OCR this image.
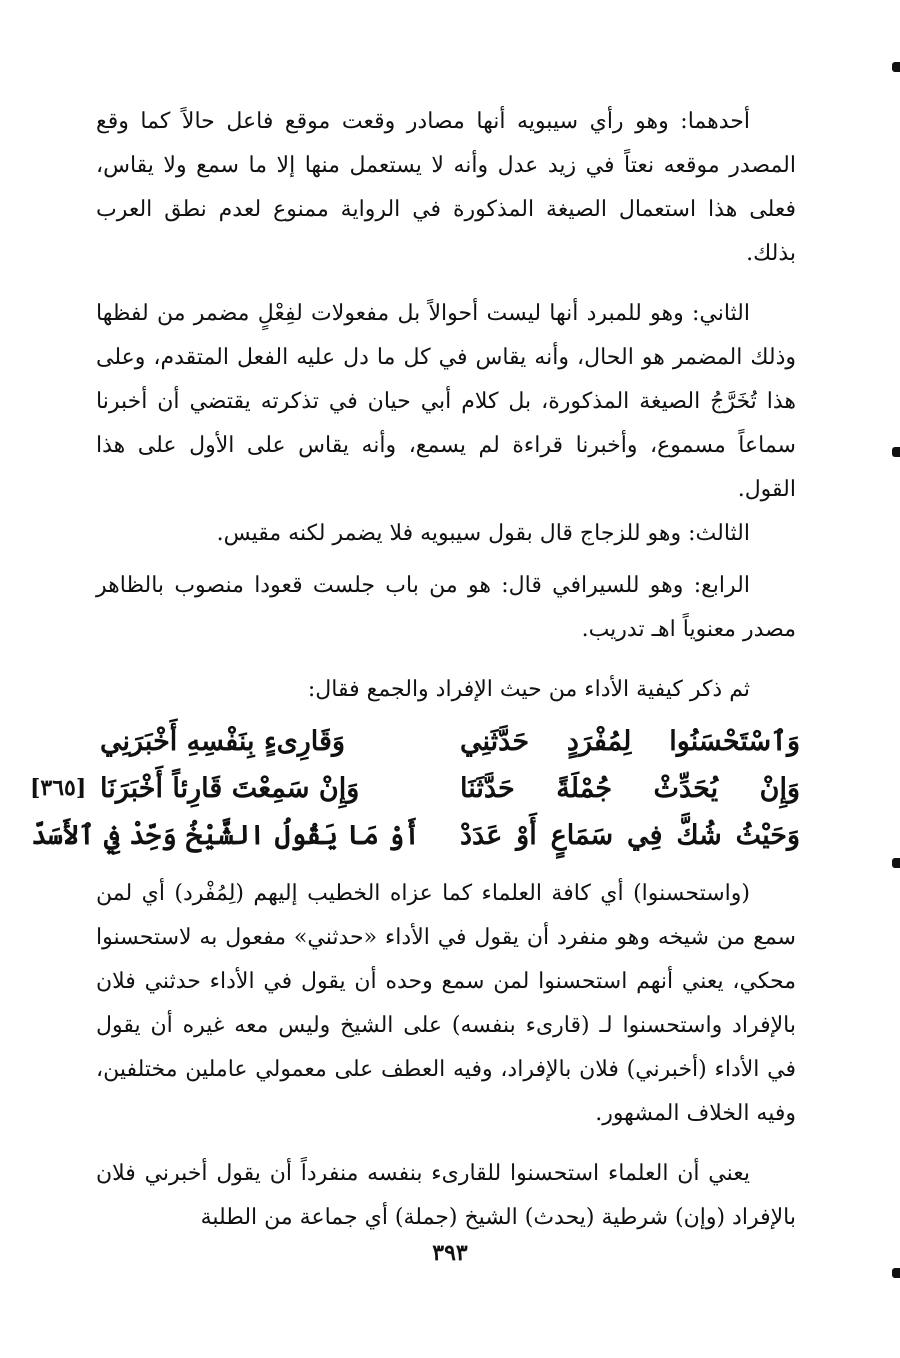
أحدهما: وهو رأي سيبويه أنها مصادر وقعت موقع فاعل حالاً كما وقع المصدر موقعه نعتاً في زيد عدل وأنه لا يستعمل منها إلا ما سمع ولا يقاس، فعلى هذا استعمال الصيغة المذكورة في الرواية ممنوع لعدم نطق العرب بذلك.

الثاني: وهو للمبرد أنها ليست أحوالاً بل مفعولات لفِعْلٍ مضمر من لفظها وذلك المضمر هو الحال، وأنه يقاس في كل ما دل عليه الفعل المتقدم، وعلى هذا تُخَرَّجُ الصيغة المذكورة، بل كلام أبي حيان في تذكرته يقتضي أن أخبرنا سماعاً مسموع، وأخبرنا قراءة لم يسمع، وأنه يقاس على الأول على هذا القول.

الثالث: وهو للزجاج قال بقول سيبويه فلا يضمر لكنه مقيس.

الرابع: وهو للسيرافي قال: هو من باب جلست قعودا منصوب بالظاهر مصدر معنوياً اهـ تدريب.

ثم ذكر كيفية الأداء من حيث الإفراد والجمع فقال:

وَٱسْتَحْسَنُوا لِمُفْرَدٍ حَدَّثَنِي
وَقَارِىءٍ بِنَفْسِهِ أَخْبَرَنِي
وَإِنْ يُحَدِّثْ جُمْلَةً حَدَّثَنَا
وَإِنْ سَمِعْتَ قَارِئاً أَخْبَرَنَا
[٣٦٥]
وَحَيْثُ شُكَّ فِي سَمَاعٍ أَوْ عَدَدْ
أَوْ مَا يَقُولُ الشَّيْخُ وَحِّدْ فِي ٱلأَسَدّ

(واستحسنوا) أي كافة العلماء كما عزاه الخطيب إليهم (لِمُفْرد) أي لمن سمع من شيخه وهو منفرد أن يقول في الأداء «حدثني» مفعول به لاستحسنوا محكي، يعني أنهم استحسنوا لمن سمع وحده أن يقول في الأداء حدثني فلان بالإفراد واستحسنوا لـ (قارىء بنفسه) على الشيخ وليس معه غيره أن يقول في الأداء (أخبرني) فلان بالإفراد، وفيه العطف على معمولي عاملين مختلفين، وفيه الخلاف المشهور.

يعني أن العلماء استحسنوا للقارىء بنفسه منفرداً أن يقول أخبرني فلان بالإفراد (وإن) شرطية (يحدث) الشيخ (جملة) أي جماعة من الطلبة

٣٩٣
